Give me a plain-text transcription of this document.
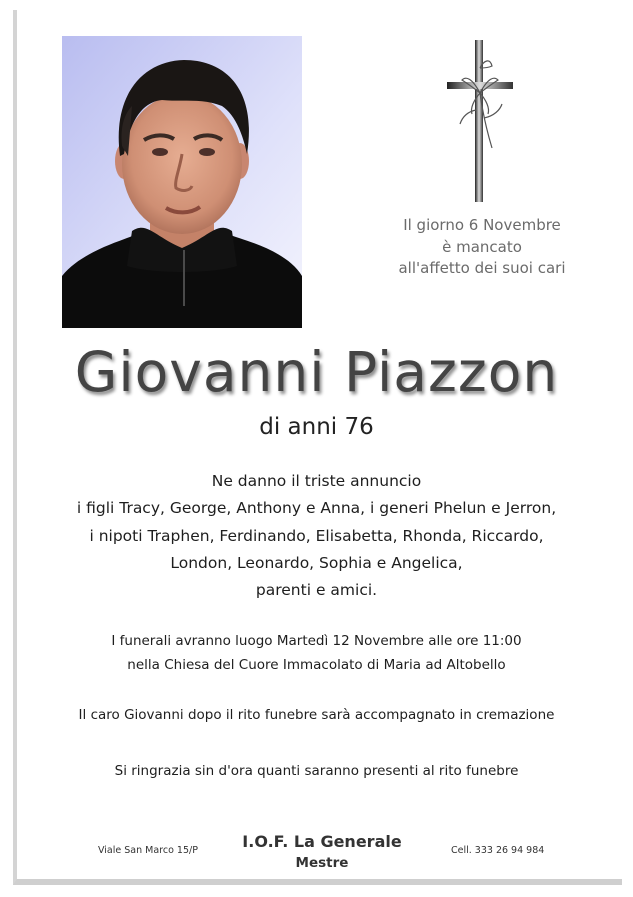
Il giorno 6 Novembre
è mancato
all'affetto dei suoi cari
Giovanni Piazzon
di anni 76
Ne danno il triste annuncio
i figli Tracy, George, Anthony e Anna, i generi Phelun e Jerron,
i nipoti Traphen, Ferdinando, Elisabetta, Rhonda, Riccardo,
London, Leonardo, Sophia e Angelica,
parenti e amici.
I funerali avranno luogo Martedì 12 Novembre alle ore 11:00
nella Chiesa del Cuore Immacolato di Maria ad Altobello
Il caro Giovanni dopo il rito funebre sarà accompagnato in cremazione
Si ringrazia sin d'ora quanti saranno presenti al rito funebre
Viale San Marco 15/P	I.O.F. La Generale
Mestre
Cell. 333 26 94 984
